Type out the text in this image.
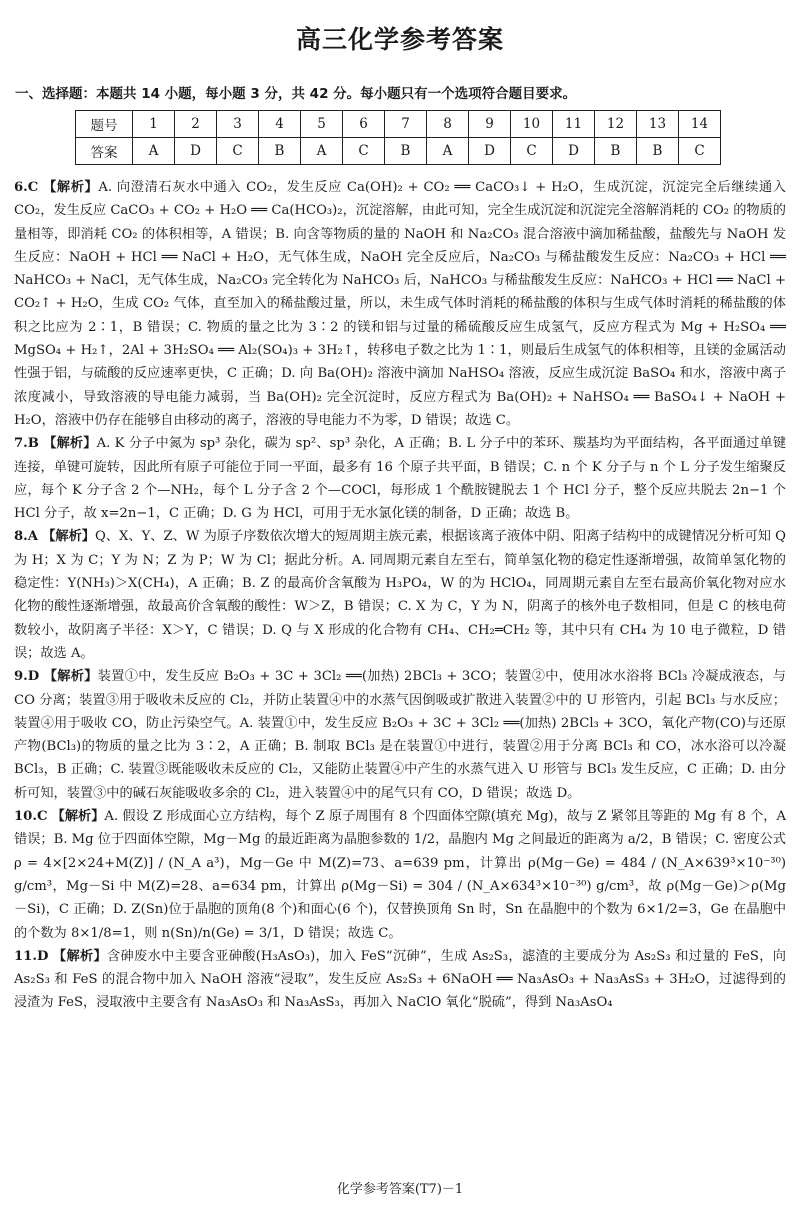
高三化学参考答案
一、选择题：本题共 14 小题，每小题 3 分，共 42 分。每小题只有一个选项符合题目要求。
题号	1	2	3	4	5	6	7	8	9	10	11	12	13	14
答案	A	D	C	B	A	C	B	A	D	C	D	B	B	C

6.C 【解析】A. 向澄清石灰水中通入 CO₂，发生反应 Ca(OH)₂ + CO₂ ══ CaCO₃↓ + H₂O，生成沉淀，沉淀完全后继续通入 CO₂，发生反应 CaCO₃ + CO₂ + H₂O ══ Ca(HCO₃)₂，沉淀溶解，由此可知，完全生成沉淀和沉淀完全溶解消耗的 CO₂ 的物质的量相等，即消耗 CO₂ 的体积相等，A 错误；B. 向含等物质的量的 NaOH 和 Na₂CO₃ 混合溶液中滴加稀盐酸，盐酸先与 NaOH 发生反应：NaOH + HCl ══ NaCl + H₂O，无气体生成，NaOH 完全反应后，Na₂CO₃ 与稀盐酸发生反应：Na₂CO₃ + HCl ══ NaHCO₃ + NaCl，无气体生成，Na₂CO₃ 完全转化为 NaHCO₃ 后，NaHCO₃ 与稀盐酸发生反应：NaHCO₃ + HCl ══ NaCl + CO₂↑ + H₂O，生成 CO₂ 气体，直至加入的稀盐酸过量，所以，未生成气体时消耗的稀盐酸的体积与生成气体时消耗的稀盐酸的体积之比应为 2∶1，B 错误；C. 物质的量之比为 3∶2 的镁和铝与过量的稀硫酸反应生成氢气，反应方程式为 Mg + H₂SO₄ ══ MgSO₄ + H₂↑，2Al + 3H₂SO₄ ══ Al₂(SO₄)₃ + 3H₂↑，转移电子数之比为 1∶1，则最后生成氢气的体积相等，且镁的金属活动性强于铝，与硫酸的反应速率更快，C 正确；D. 向 Ba(OH)₂ 溶液中滴加 NaHSO₄ 溶液，反应生成沉淀 BaSO₄ 和水，溶液中离子浓度减小，导致溶液的导电能力减弱，当 Ba(OH)₂ 完全沉淀时，反应方程式为 Ba(OH)₂ + NaHSO₄ ══ BaSO₄↓ + NaOH + H₂O，溶液中仍存在能够自由移动的离子，溶液的导电能力不为零，D 错误；故选 C。

7.B 【解析】A. K 分子中氮为 sp³ 杂化，碳为 sp²、sp³ 杂化，A 正确；B. L 分子中的苯环、羰基均为平面结构，各平面通过单键连接，单键可旋转，因此所有原子可能位于同一平面，最多有 16 个原子共平面，B 错误；C. n 个 K 分子与 n 个 L 分子发生缩聚反应，每个 K 分子含 2 个—NH₂，每个 L 分子含 2 个—COCl，每形成 1 个酰胺键脱去 1 个 HCl 分子，整个反应共脱去 2n−1 个 HCl 分子，故 x=2n−1，C 正确；D. G 为 HCl，可用于无水氯化镁的制备，D 正确；故选 B。

8.A 【解析】Q、X、Y、Z、W 为原子序数依次增大的短周期主族元素，根据该离子液体中阴、阳离子结构中的成键情况分析可知 Q 为 H；X 为 C；Y 为 N；Z 为 P；W 为 Cl；据此分析。A. 同周期元素自左至右，简单氢化物的稳定性逐渐增强，故简单氢化物的稳定性：Y(NH₃)＞X(CH₄)，A 正确；B. Z 的最高价含氧酸为 H₃PO₄，W 的为 HClO₄，同周期元素自左至右最高价氧化物对应水化物的酸性逐渐增强，故最高价含氧酸的酸性：W＞Z，B 错误；C. X 为 C，Y 为 N，阴离子的核外电子数相同，但是 C 的核电荷数较小，故阴离子半径：X＞Y，C 错误；D. Q 与 X 形成的化合物有 CH₄、CH₂═CH₂ 等，其中只有 CH₄ 为 10 电子微粒，D 错误；故选 A。

9.D 【解析】装置①中，发生反应 B₂O₃ + 3C + 3Cl₂ ══(加热) 2BCl₃ + 3CO；装置②中，使用冰水浴将 BCl₃ 冷凝成液态，与 CO 分离；装置③用于吸收未反应的 Cl₂，并防止装置④中的水蒸气因倒吸或扩散进入装置②中的 U 形管内，引起 BCl₃ 与水反应；装置④用于吸收 CO，防止污染空气。A. 装置①中，发生反应 B₂O₃ + 3C + 3Cl₂ ══(加热) 2BCl₃ + 3CO，氧化产物(CO)与还原产物(BCl₃)的物质的量之比为 3∶2，A 正确；B. 制取 BCl₃ 是在装置①中进行，装置②用于分离 BCl₃ 和 CO，冰水浴可以冷凝 BCl₃，B 正确；C. 装置③既能吸收未反应的 Cl₂，又能防止装置④中产生的水蒸气进入 U 形管与 BCl₃ 发生反应，C 正确；D. 由分析可知，装置③中的碱石灰能吸收多余的 Cl₂，进入装置④中的尾气只有 CO，D 错误；故选 D。

10.C 【解析】A. 假设 Z 形成面心立方结构，每个 Z 原子周围有 8 个四面体空隙(填充 Mg)，故与 Z 紧邻且等距的 Mg 有 8 个，A 错误；B. Mg 位于四面体空隙，Mg－Mg 的最近距离为晶胞参数的 1/2，晶胞内 Mg 之间最近的距离为 a/2，B 错误；C. 密度公式 ρ = 4×[2×24+M(Z)] / (N_A a³)，Mg－Ge 中 M(Z)=73、a=639 pm，计算出 ρ(Mg－Ge) = 484 / (N_A×639³×10⁻³⁰) g/cm³，Mg－Si 中 M(Z)=28、a=634 pm，计算出 ρ(Mg－Si) = 304 / (N_A×634³×10⁻³⁰) g/cm³，故 ρ(Mg－Ge)＞ρ(Mg－Si)，C 正确；D. Z(Sn)位于晶胞的顶角(8 个)和面心(6 个)，仅替换顶角 Sn 时，Sn 在晶胞中的个数为 6×1/2=3，Ge 在晶胞中的个数为 8×1/8=1，则 n(Sn)/n(Ge) = 3/1，D 错误；故选 C。

11.D 【解析】含砷废水中主要含亚砷酸(H₃AsO₃)，加入 FeS“沉砷”，生成 As₂S₃，滤渣的主要成分为 As₂S₃ 和过量的 FeS，向 As₂S₃ 和 FeS 的混合物中加入 NaOH 溶液“浸取”，发生反应 As₂S₃ + 6NaOH ══ Na₃AsO₃ + Na₃AsS₃ + 3H₂O，过滤得到的浸渣为 FeS，浸取液中主要含有 Na₃AsO₃ 和 Na₃AsS₃，再加入 NaClO 氧化“脱硫”，得到 Na₃AsO₄

化学参考答案(T7)－1
